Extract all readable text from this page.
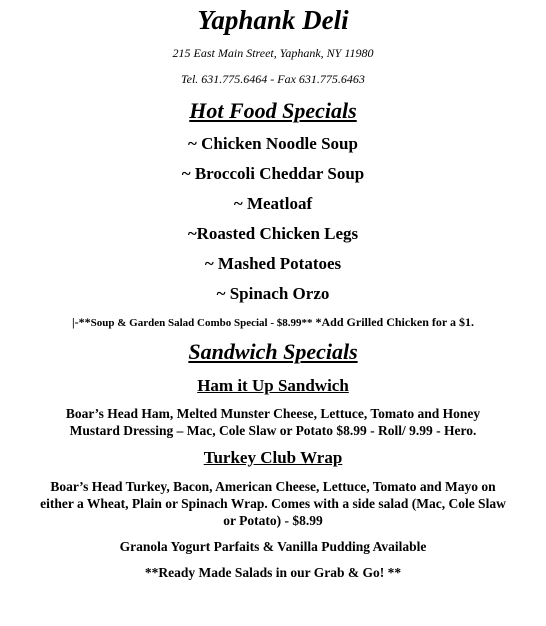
Yaphank Deli
215 East Main Street, Yaphank, NY 11980
Tel. 631.775.6464 - Fax 631.775.6463
Hot Food Specials
~ Chicken Noodle Soup
~ Broccoli Cheddar Soup
~ Meatloaf
~Roasted Chicken Legs
~ Mashed Potatoes
~ Spinach Orzo
|-**Soup & Garden Salad Combo Special - $8.99** *Add Grilled Chicken for a $1.
Sandwich Specials
Ham it Up Sandwich
Boar’s Head Ham, Melted Munster Cheese, Lettuce, Tomato and Honey Mustard Dressing – Mac, Cole Slaw or Potato $8.99 - Roll/ 9.99 - Hero.
Turkey Club Wrap
Boar’s Head Turkey, Bacon, American Cheese, Lettuce, Tomato and Mayo on either a Wheat, Plain or Spinach Wrap. Comes with a side salad (Mac, Cole Slaw or Potato) - $8.99
Granola Yogurt Parfaits & Vanilla Pudding Available
**Ready Made Salads in our Grab & Go! **
